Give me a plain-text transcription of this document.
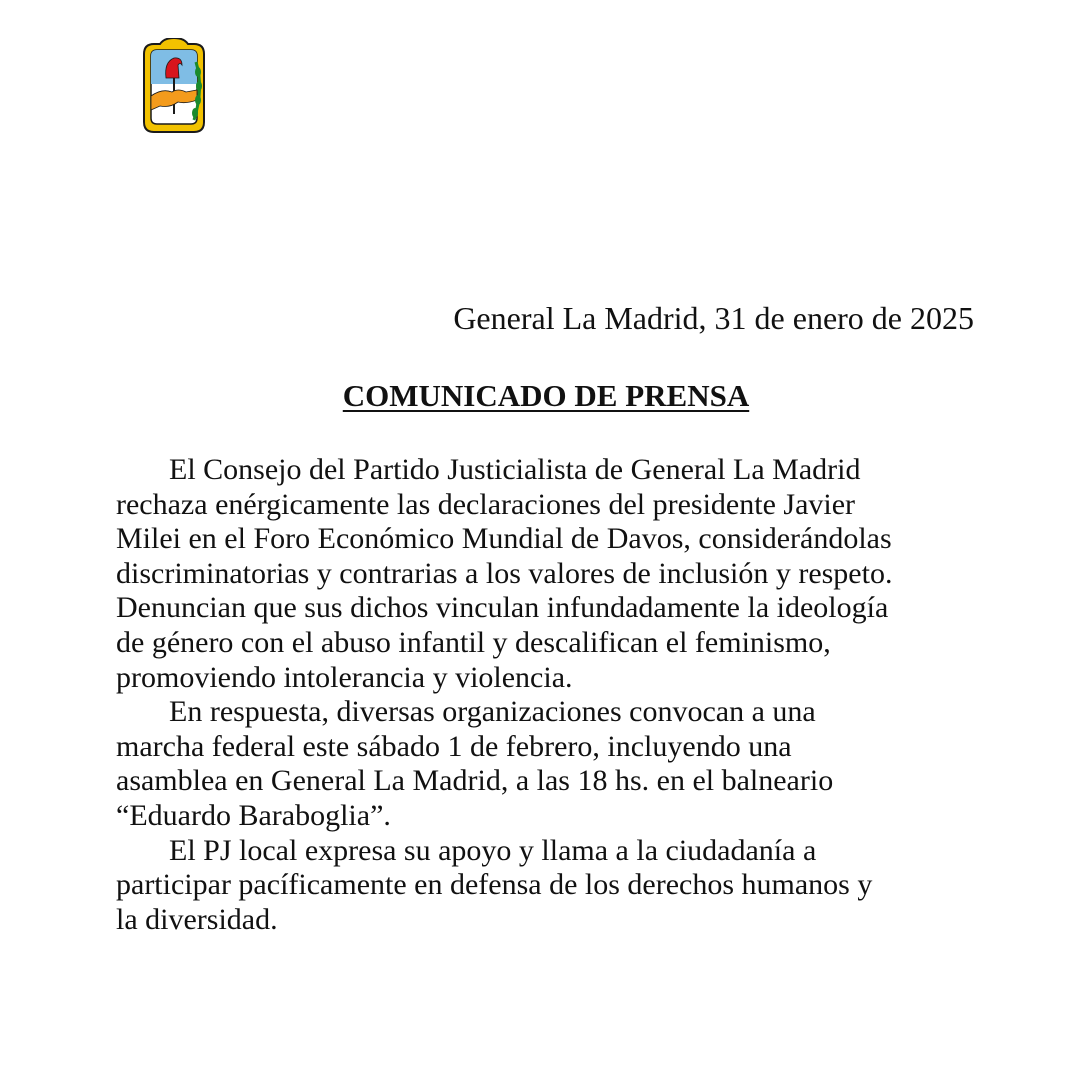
General La Madrid, 31 de enero de 2025
COMUNICADO DE PRENSA
El Consejo del Partido Justicialista de General La Madrid
rechaza enérgicamente las declaraciones del presidente Javier
Milei en el Foro Económico Mundial de Davos, considerándolas
discriminatorias y contrarias a los valores de inclusión y respeto.
Denuncian que sus dichos vinculan infundadamente la ideología
de género con el abuso infantil y descalifican el feminismo,
promoviendo intolerancia y violencia.
En respuesta, diversas organizaciones convocan a una
marcha federal este sábado 1 de febrero, incluyendo una
asamblea en General La Madrid, a las 18 hs. en el balneario
“Eduardo Baraboglia”.
El PJ local expresa su apoyo y llama a la ciudadanía a
participar pacíficamente en defensa de los derechos humanos y
la diversidad.
